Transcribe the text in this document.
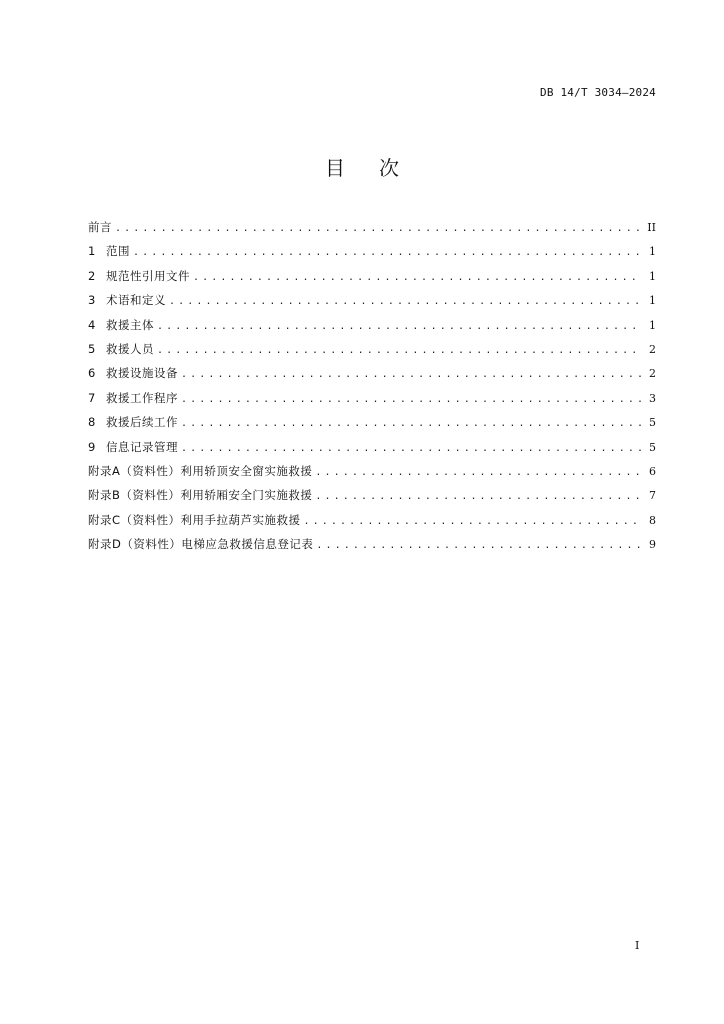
DB 14/T 3034—2024
目次
前言 .....	II
1 范围 .....	1
2 规范性引用文件 .....	1
3 术语和定义 .....	1
4 救援主体 .....	1
5 救援人员 .....	2
6 救援设施设备 .....	2
7 救援工作程序 .....	3
8 救援后续工作 .....	5
9 信息记录管理 .....	5
附录A（资料性）利用轿顶安全窗实施救援 .....	6
附录B（资料性）利用轿厢安全门实施救援 .....	7
附录C（资料性）利用手拉葫芦实施救援 .....	8
附录D（资料性）电梯应急救援信息登记表 .....	9
I
